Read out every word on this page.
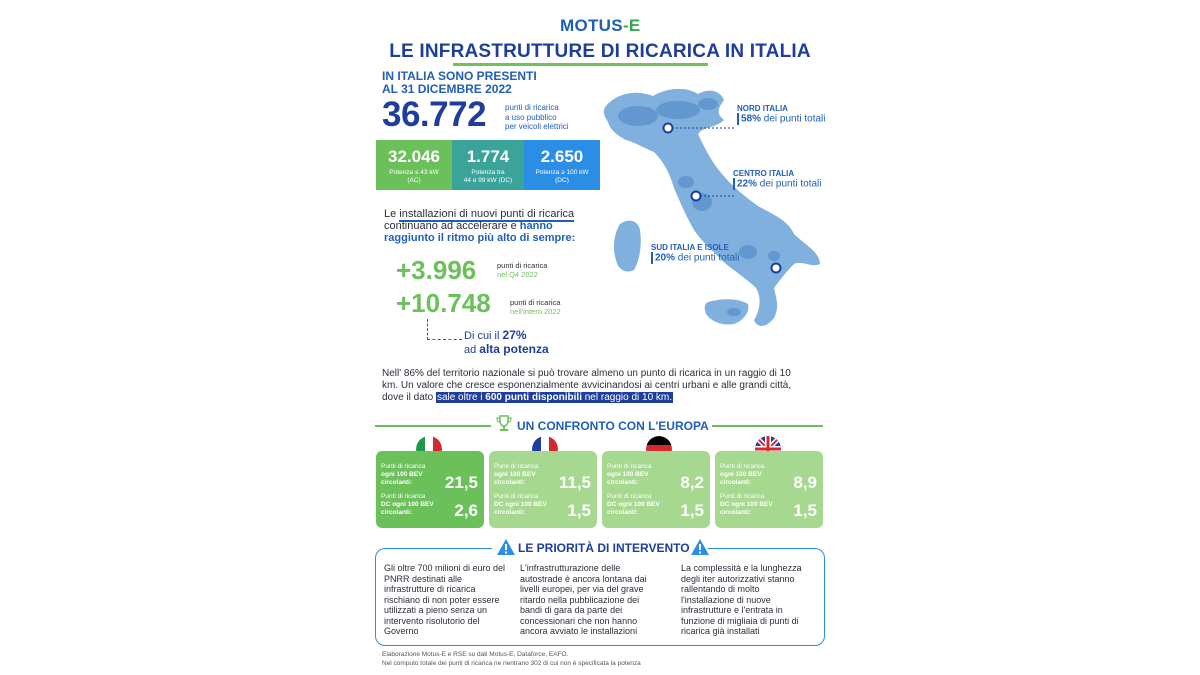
MOTUS-E
LE INFRASTRUTTURE DI RICARICA IN ITALIA
IN ITALIA SONO PRESENTI
AL 31 DICEMBRE 2022
36.772 punti di ricarica
a uso pubblico
per veicoli elettrici
32.046
Potenza ≤ 43 kW
(AC)
1.774
Potenza tra
44 e 99 kW (DC)
2.650
Potenza ≥ 100 kW
(DC)
Le installazioni di nuovi punti di ricarica continuano ad accelerare e hanno raggiunto il ritmo più alto di sempre:
+3.996	punti di ricarica
nel Q4 2022
+10.748	punti di ricarica
nell'intero 2022
Di cui il 27%
ad alta potenza
NORD ITALIA
58% dei punti totali
CENTRO ITALIA
22% dei punti totali
SUD ITALIA E ISOLE
20% dei punti totali
Nell' 86% del territorio nazionale si può trovare almeno un punto di ricarica in un raggio di 10 km. Un valore che cresce esponenzialmente avvicinandosi ai centri urbani e alle grandi città, dove il dato sale oltre i 600 punti disponibili nel raggio di 10 km.
UN CONFRONTO CON L'EUROPA
Punti di ricarica
ogni 100 BEV circolanti:	21,5
Punti di ricarica
DC ogni 100 BEV circolanti:	2,6
Punti di ricarica
ogni 100 BEV circolanti:	11,5
Punti di ricarica
DC ogni 100 BEV circolanti:	1,5
Punti di ricarica
ogni 100 BEV circolanti:	8,2
Punti di ricarica
DC ogni 100 BEV circolanti:	1,5
Punti di ricarica
ogni 100 BEV circolanti:	8,9
Punti di ricarica
DC ogni 100 BEV circolanti:	1,5
LE PRIORITÀ DI INTERVENTO
Gli oltre 700 milioni di euro del PNRR destinati alle infrastrutture di ricarica rischiano di non poter essere utilizzati a pieno senza un intervento risolutorio del Governo
L'infrastrutturazione delle autostrade è ancora lontana dai livelli europei, per via del grave ritardo nella pubblicazione dei bandi di gara da parte dei concessionari che non hanno ancora avviato le installazioni
La complessità e la lunghezza degli iter autorizzativi stanno rallentando di molto l'installazione di nuove infrastrutture e l'entrata in funzione di migliaia di punti di ricarica già installati
Elaborazione Motus-E e RSE su dati Motus-E, Dataforce, EAFO.
Nel computo totale dei punti di ricarica ne rientrano 302 di cui non è specificata la potenza
